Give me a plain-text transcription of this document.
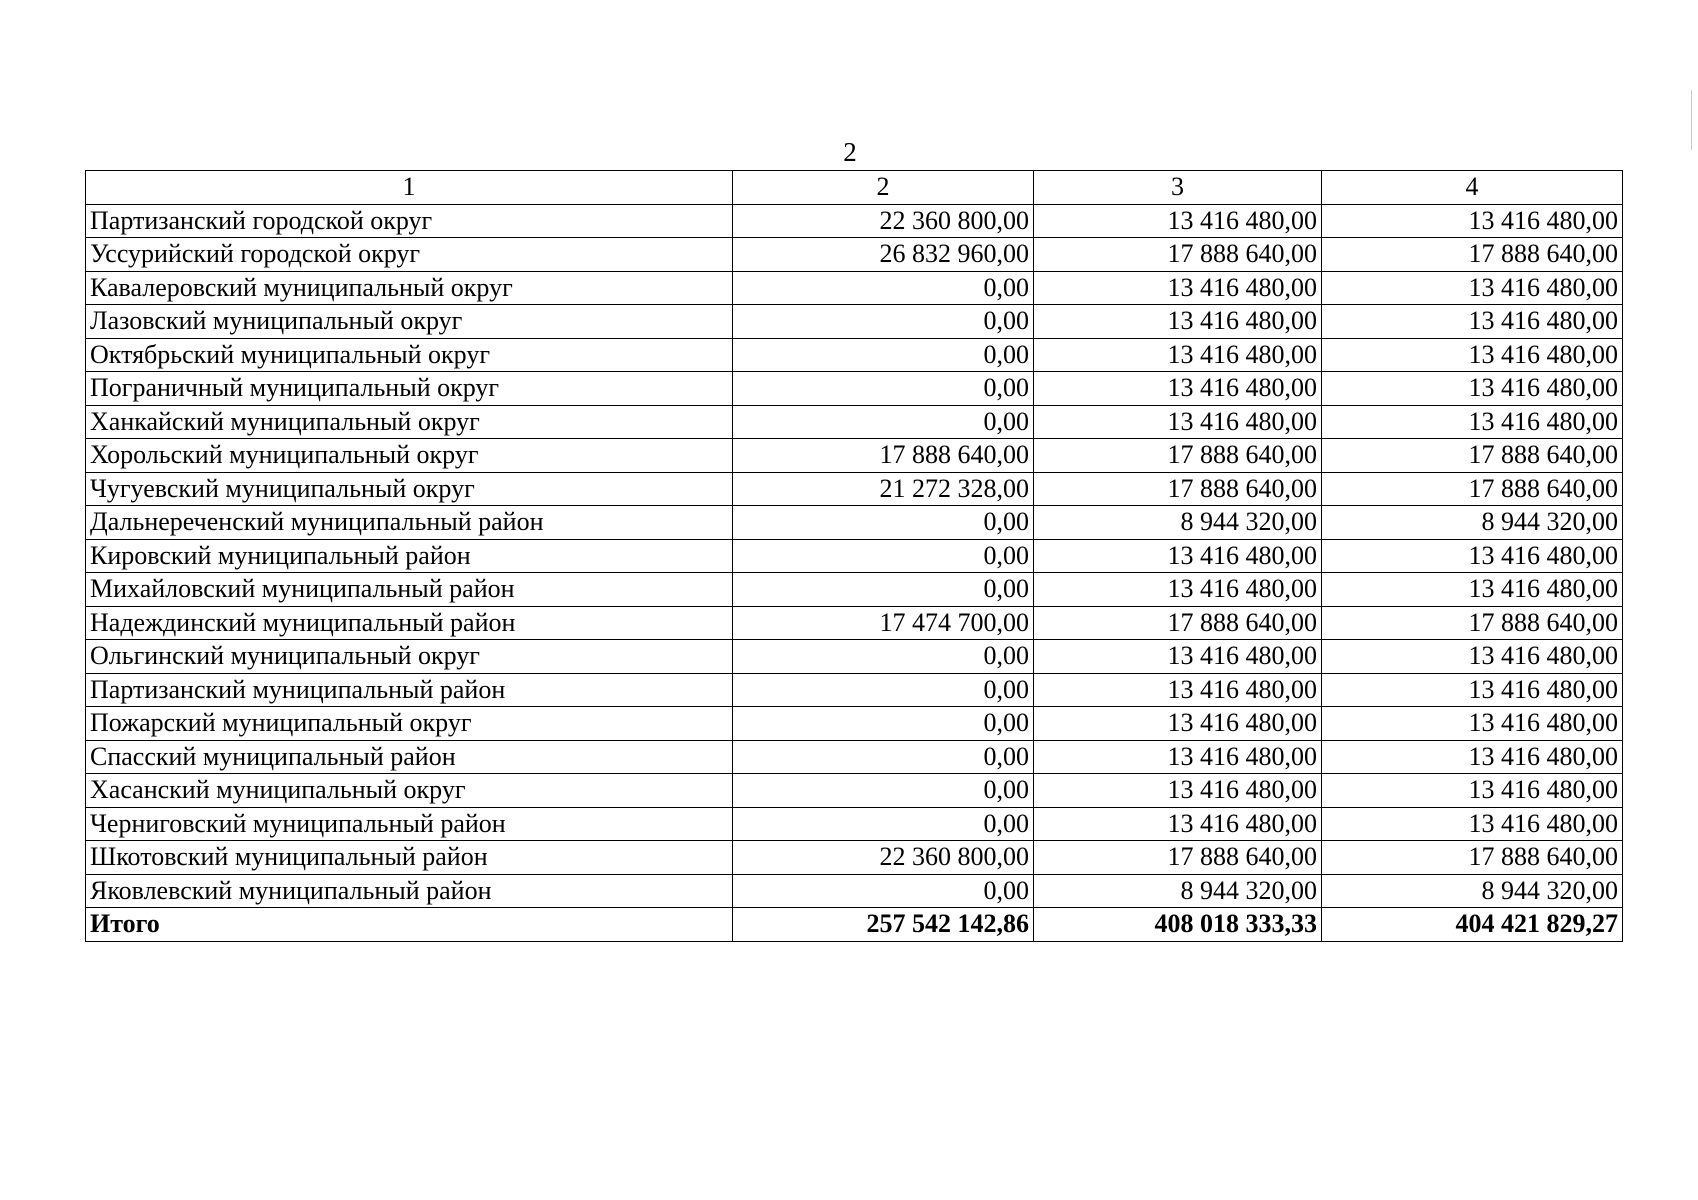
2
1	2	3	4
Партизанский городской округ	22 360 800,00	13 416 480,00	13 416 480,00
Уссурийский городской округ	26 832 960,00	17 888 640,00	17 888 640,00
Кавалеровский муниципальный округ	0,00	13 416 480,00	13 416 480,00
Лазовский муниципальный округ	0,00	13 416 480,00	13 416 480,00
Октябрьский муниципальный округ	0,00	13 416 480,00	13 416 480,00
Пограничный муниципальный округ	0,00	13 416 480,00	13 416 480,00
Ханкайский муниципальный округ	0,00	13 416 480,00	13 416 480,00
Хорольский муниципальный округ	17 888 640,00	17 888 640,00	17 888 640,00
Чугуевский муниципальный округ	21 272 328,00	17 888 640,00	17 888 640,00
Дальнереченский муниципальный район	0,00	8 944 320,00	8 944 320,00
Кировский муниципальный район	0,00	13 416 480,00	13 416 480,00
Михайловский муниципальный район	0,00	13 416 480,00	13 416 480,00
Надеждинский муниципальный район	17 474 700,00	17 888 640,00	17 888 640,00
Ольгинский муниципальный округ	0,00	13 416 480,00	13 416 480,00
Партизанский муниципальный район	0,00	13 416 480,00	13 416 480,00
Пожарский муниципальный округ	0,00	13 416 480,00	13 416 480,00
Спасский муниципальный район	0,00	13 416 480,00	13 416 480,00
Хасанский муниципальный округ	0,00	13 416 480,00	13 416 480,00
Черниговский муниципальный район	0,00	13 416 480,00	13 416 480,00
Шкотовский муниципальный район	22 360 800,00	17 888 640,00	17 888 640,00
Яковлевский муниципальный район	0,00	8 944 320,00	8 944 320,00
Итого	257 542 142,86	408 018 333,33	404 421 829,27
